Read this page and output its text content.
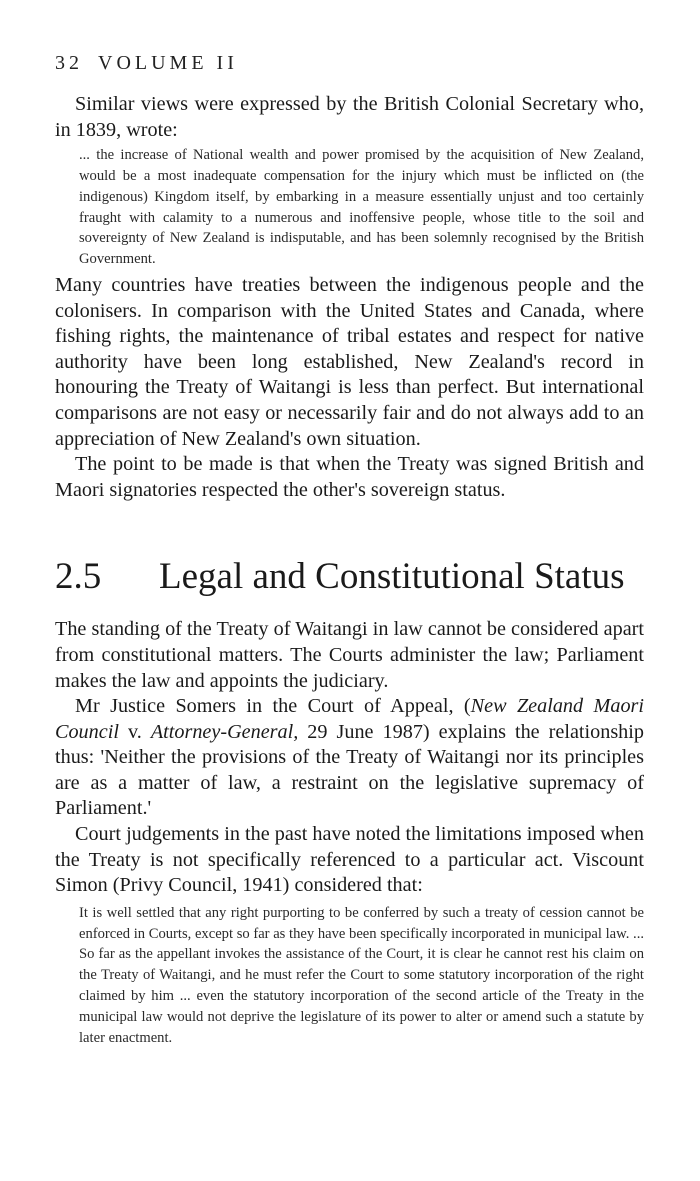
32 VOLUME II

Similar views were expressed by the British Colonial Secretary who, in 1839, wrote:

... the increase of National wealth and power promised by the acquisition of New Zealand, would be a most inadequate compensation for the injury which must be inflicted on (the indigenous) Kingdom itself, by embarking in a measure essentially unjust and too certainly fraught with calamity to a numerous and inoffensive people, whose title to the soil and sovereignty of New Zealand is indisputable, and has been solemnly recognised by the British Government.

Many countries have treaties between the indigenous people and the colonisers. In comparison with the United States and Canada, where fishing rights, the maintenance of tribal estates and respect for native authority have been long established, New Zealand's record in honouring the Treaty of Waitangi is less than perfect. But international comparisons are not easy or necessarily fair and do not always add to an appreciation of New Zealand's own situation.

The point to be made is that when the Treaty was signed British and Maori signatories respected the other's sovereign status.

2.5 Legal and Constitutional Status

The standing of the Treaty of Waitangi in law cannot be considered apart from constitutional matters. The Courts administer the law; Parliament makes the law and appoints the judiciary.

Mr Justice Somers in the Court of Appeal, (New Zealand Maori Council v. Attorney-General, 29 June 1987) explains the relationship thus: 'Neither the provisions of the Treaty of Waitangi nor its principles are as a matter of law, a restraint on the legislative supremacy of Parliament.'

Court judgements in the past have noted the limitations imposed when the Treaty is not specifically referenced to a particular act. Viscount Simon (Privy Council, 1941) considered that:

It is well settled that any right purporting to be conferred by such a treaty of cession cannot be enforced in Courts, except so far as they have been specifically incorporated in municipal law. ... So far as the appellant invokes the assistance of the Court, it is clear he cannot rest his claim on the Treaty of Waitangi, and he must refer the Court to some statutory incorporation of the right claimed by him ... even the statutory incorporation of the second article of the Treaty in the municipal law would not deprive the legislature of its power to alter or amend such a statute by later enactment.
